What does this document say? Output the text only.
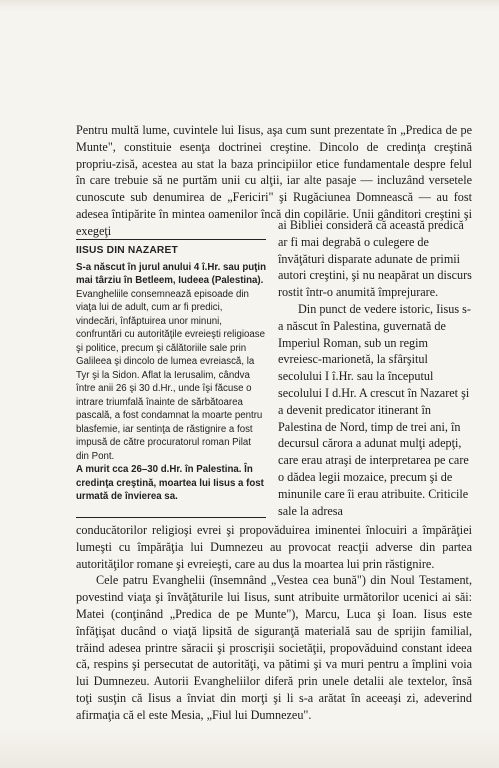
Pentru multă lume, cuvintele lui Iisus, aşa cum sunt prezentate în „Predica de pe Munte", constituie esenţa doctrinei creştine. Dincolo de credinţa creştină propriu-zisă, acestea au stat la baza principiilor etice fundamentale despre felul în care trebuie să ne purtăm unii cu alţii, iar alte pasaje — incluzând versetele cunoscute sub denumirea de „Fericiri" şi Rugăciunea Domnească — au fost adesea întipărite în mintea oamenilor încă din copilărie. Unii gânditori creştini şi exegeţi

IISUS DIN NAZARET

S-a născut în jurul anului 4 î.Hr. sau puţin mai târziu în Betleem, Iudeea (Palestina).

Evangheliile consemnează episoade din viaţa lui de adult, cum ar fi predici, vindecări, înfăptuirea unor minuni, confruntări cu autorităţile evreieşti religioase şi politice, precum şi călătoriile sale prin Galileea şi dincolo de lumea evreiască, la Tyr şi la Sidon. Aflat la Ierusalim, cândva între anii 26 şi 30 d.Hr., unde îşi făcuse o intrare triumfală înainte de sărbătoarea pascală, a fost condamnat la moarte pentru blasfemie, iar sentinţa de răstignire a fost impusă de către procuratorul roman Pilat din Pont.

A murit cca 26–30 d.Hr. în Palestina. În credinţa creştină, moartea lui Iisus a fost urmată de învierea sa.

ai Bibliei consideră că această predică ar fi mai degrabă o culegere de învăţături disparate adunate de primii autori creştini, şi nu neapărat un discurs rostit într-o anumită împrejurare.

Din punct de vedere istoric, Iisus s-a născut în Palestina, guvernată de Imperiul Roman, sub un regim evreiesc-marionetă, la sfârşitul secolului I î.Hr. sau la începutul secolului I d.Hr. A crescut în Nazaret şi a devenit predicator itinerant în Palestina de Nord, timp de trei ani, în decursul cărora a adunat mulţi adepţi, care erau atraşi de interpretarea pe care o dădea legii mozaice, precum şi de minunile care îi erau atribuite. Criticile sale la adresa

conducătorilor religioşi evrei şi propovăduirea iminentei înlocuiri a împărăţiei lumeşti cu împărăţia lui Dumnezeu au provocat reacţii adverse din partea autorităţilor romane şi evreieşti, care au dus la moartea lui prin răstignire.

Cele patru Evanghelii (însemnând „Vestea cea bună") din Noul Testament, povestind viaţa şi învăţăturile lui Iisus, sunt atribuite următorilor ucenici ai săi: Matei (conţinând „Predica de pe Munte"), Marcu, Luca şi Ioan. Iisus este înfăţişat ducând o viaţă lipsită de siguranţă materială sau de sprijin familial, trăind adesea printre săracii şi proscrişii societăţii, propovăduind constant ideea că, respins şi persecutat de autorităţi, va pătimi şi va muri pentru a împlini voia lui Dumnezeu. Autorii Evangheliilor diferă prin unele detalii ale textelor, însă toţi susţin că Iisus a înviat din morţi şi li s-a arătat în aceeaşi zi, adeverind afirmaţia că el este Mesia, „Fiul lui Dumnezeu".
